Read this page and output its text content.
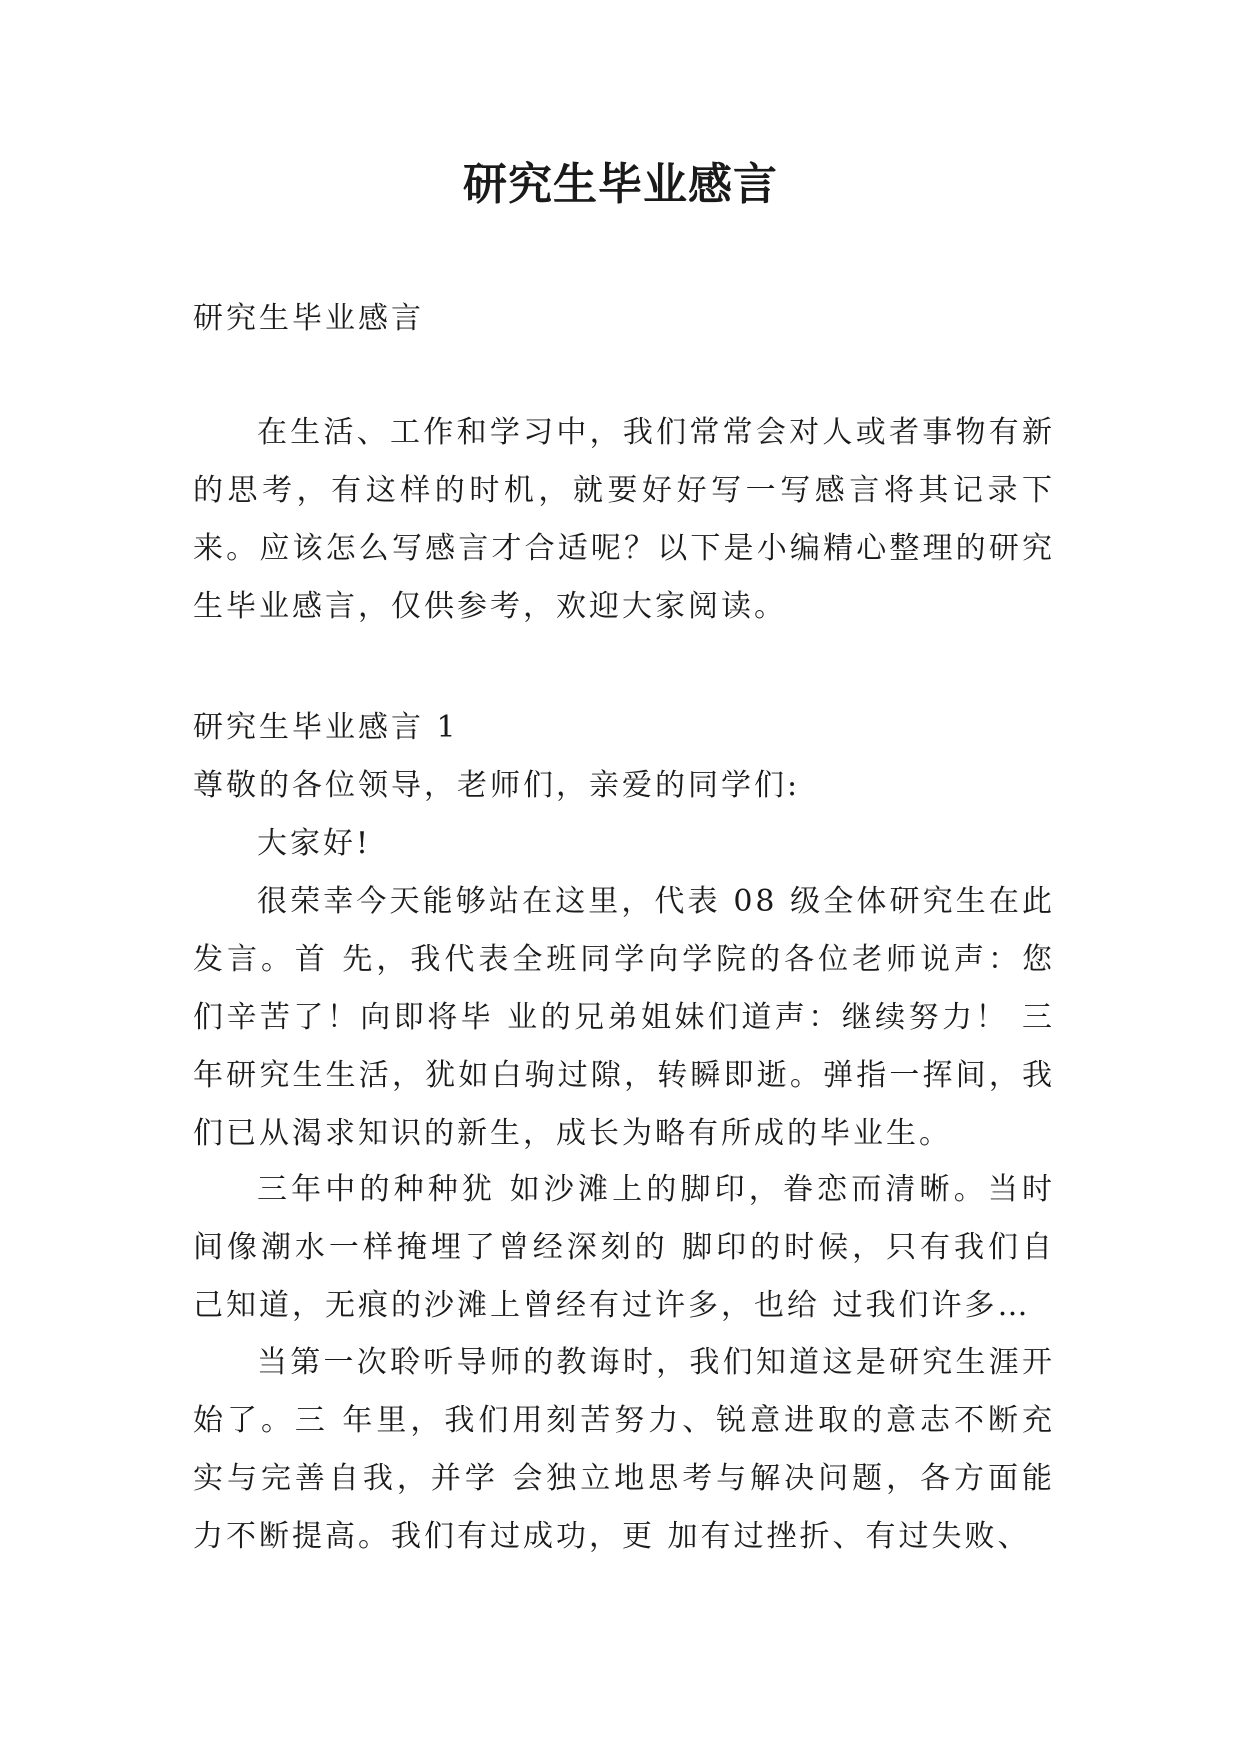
研究生毕业感言

研究生毕业感言

在生活、工作和学习中，我们常常会对人或者事物有新的思考，有这样的时机，就要好好写一写感言将其记录下来。应该怎么写感言才合适呢？以下是小编精心整理的研究生毕业感言，仅供参考，欢迎大家阅读。

研究生毕业感言 1

尊敬的各位领导，老师们，亲爱的同学们:

大家好!

很荣幸今天能够站在这里，代表 08 级全体研究生在此发言。首 先，我代表全班同学向学院的各位老师说声：您们辛苦了！向即将毕 业的兄弟姐妹们道声：继续努力！ 三年研究生生活，犹如白驹过隙，转瞬即逝。弹指一挥间，我们已从渴求知识的新生，成长为略有所成的毕业生。

三年中的种种犹 如沙滩上的脚印，眷恋而清晰。当时间像潮水一样掩埋了曾经深刻的 脚印的时候，只有我们自己知道，无痕的沙滩上曾经有过许多，也给 过我们许多…

当第一次聆听导师的教诲时，我们知道这是研究生涯开始了。三 年里，我们用刻苦努力、锐意进取的意志不断充实与完善自我，并学 会独立地思考与解决问题，各方面能力不断提高。我们有过成功，更 加有过挫折、有过失败、
